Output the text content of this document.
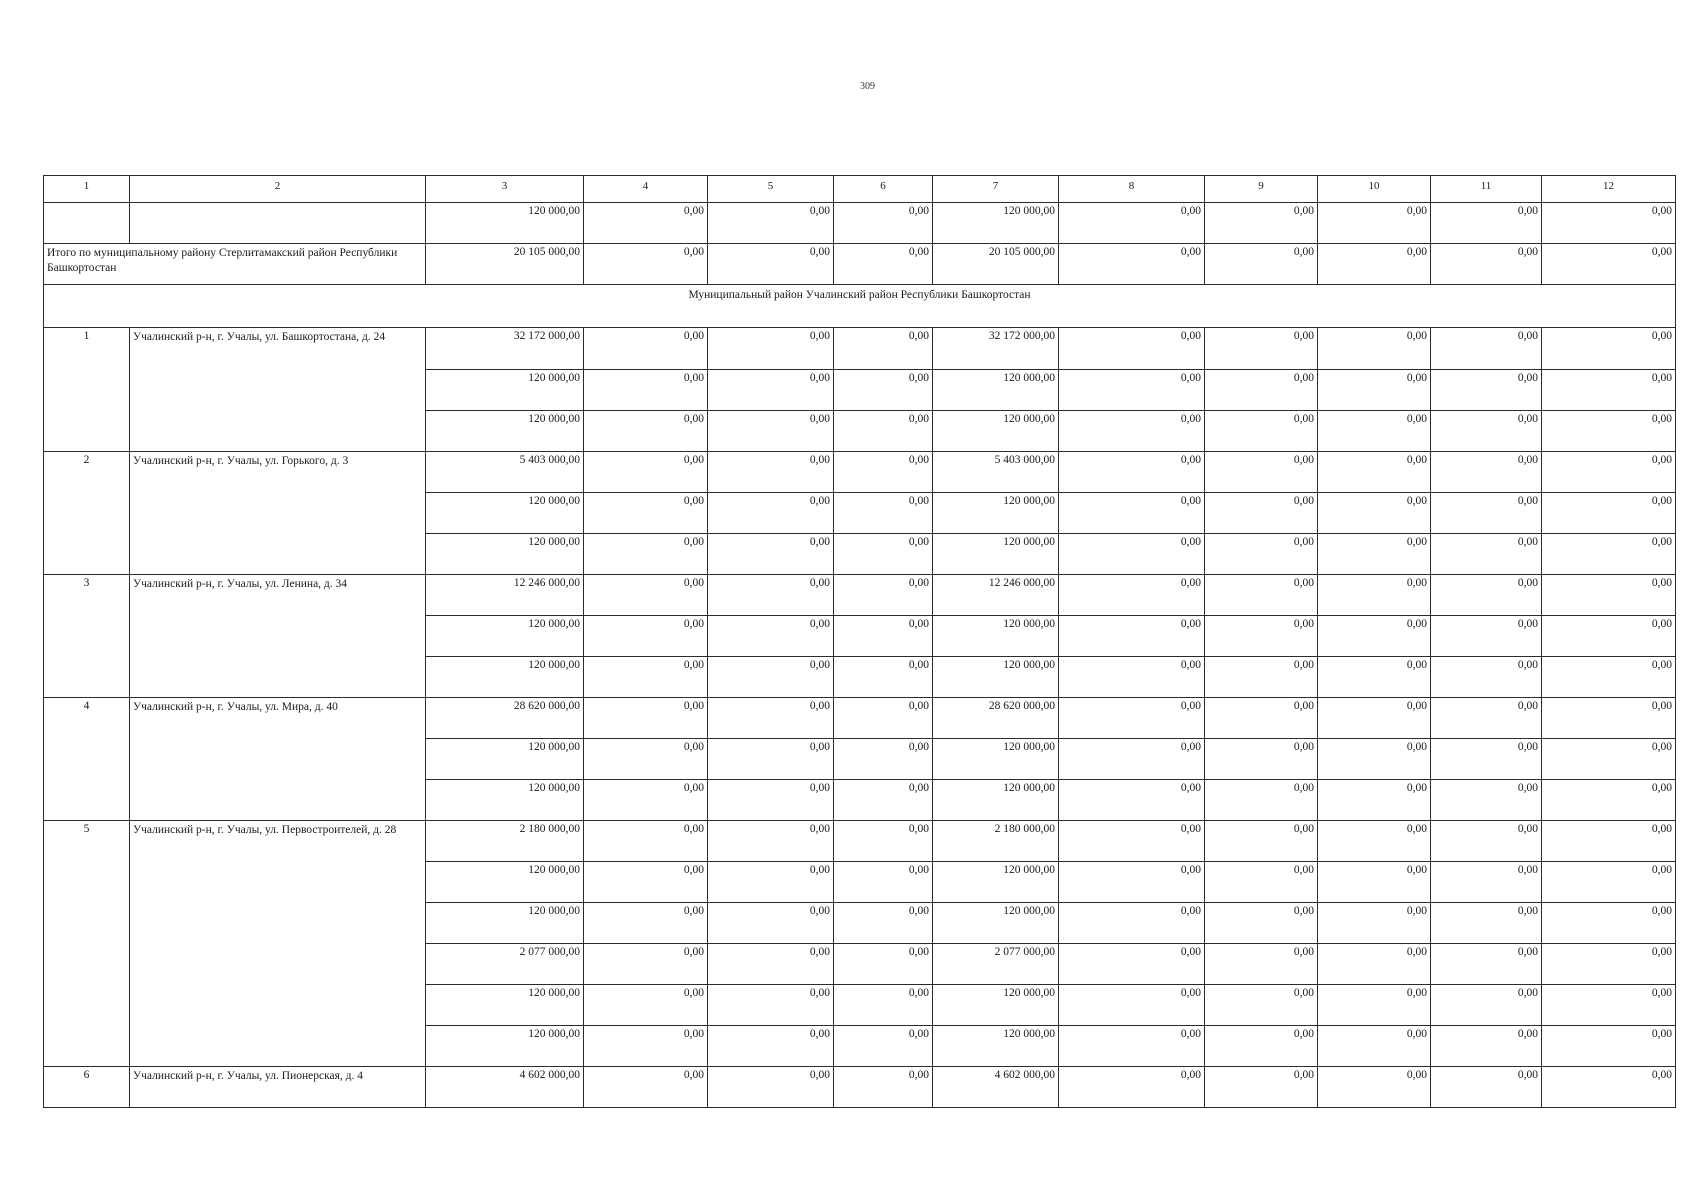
309
1	2	3	4	5	6	7	8	9	10	11	12
		120 000,00	0,00	0,00	0,00	120 000,00	0,00	0,00	0,00	0,00	0,00
Итого по муниципальному району Стерлитамакский район Республики Башкортостан		20 105 000,00	0,00	0,00	0,00	20 105 000,00	0,00	0,00	0,00	0,00	0,00
Муниципальный район Учалинский район Республики Башкортостан											
1	Учалинский р-н, г. Учалы, ул. Башкортостана, д. 24	32 172 000,00	0,00	0,00	0,00	32 172 000,00	0,00	0,00	0,00	0,00	0,00
		120 000,00	0,00	0,00	0,00	120 000,00	0,00	0,00	0,00	0,00	0,00
		120 000,00	0,00	0,00	0,00	120 000,00	0,00	0,00	0,00	0,00	0,00
2	Учалинский р-н, г. Учалы, ул. Горького, д. 3	5 403 000,00	0,00	0,00	0,00	5 403 000,00	0,00	0,00	0,00	0,00	0,00
		120 000,00	0,00	0,00	0,00	120 000,00	0,00	0,00	0,00	0,00	0,00
		120 000,00	0,00	0,00	0,00	120 000,00	0,00	0,00	0,00	0,00	0,00
3	Учалинский р-н, г. Учалы, ул. Ленина, д. 34	12 246 000,00	0,00	0,00	0,00	12 246 000,00	0,00	0,00	0,00	0,00	0,00
		120 000,00	0,00	0,00	0,00	120 000,00	0,00	0,00	0,00	0,00	0,00
		120 000,00	0,00	0,00	0,00	120 000,00	0,00	0,00	0,00	0,00	0,00
4	Учалинский р-н, г. Учалы, ул. Мира, д. 40	28 620 000,00	0,00	0,00	0,00	28 620 000,00	0,00	0,00	0,00	0,00	0,00
		120 000,00	0,00	0,00	0,00	120 000,00	0,00	0,00	0,00	0,00	0,00
		120 000,00	0,00	0,00	0,00	120 000,00	0,00	0,00	0,00	0,00	0,00
5	Учалинский р-н, г. Учалы, ул. Первостроителей, д. 28	2 180 000,00	0,00	0,00	0,00	2 180 000,00	0,00	0,00	0,00	0,00	0,00
		120 000,00	0,00	0,00	0,00	120 000,00	0,00	0,00	0,00	0,00	0,00
		120 000,00	0,00	0,00	0,00	120 000,00	0,00	0,00	0,00	0,00	0,00
		2 077 000,00	0,00	0,00	0,00	2 077 000,00	0,00	0,00	0,00	0,00	0,00
		120 000,00	0,00	0,00	0,00	120 000,00	0,00	0,00	0,00	0,00	0,00
		120 000,00	0,00	0,00	0,00	120 000,00	0,00	0,00	0,00	0,00	0,00
6	Учалинский р-н, г. Учалы, ул. Пионерская, д. 4	4 602 000,00	0,00	0,00	0,00	4 602 000,00	0,00	0,00	0,00	0,00	0,00
